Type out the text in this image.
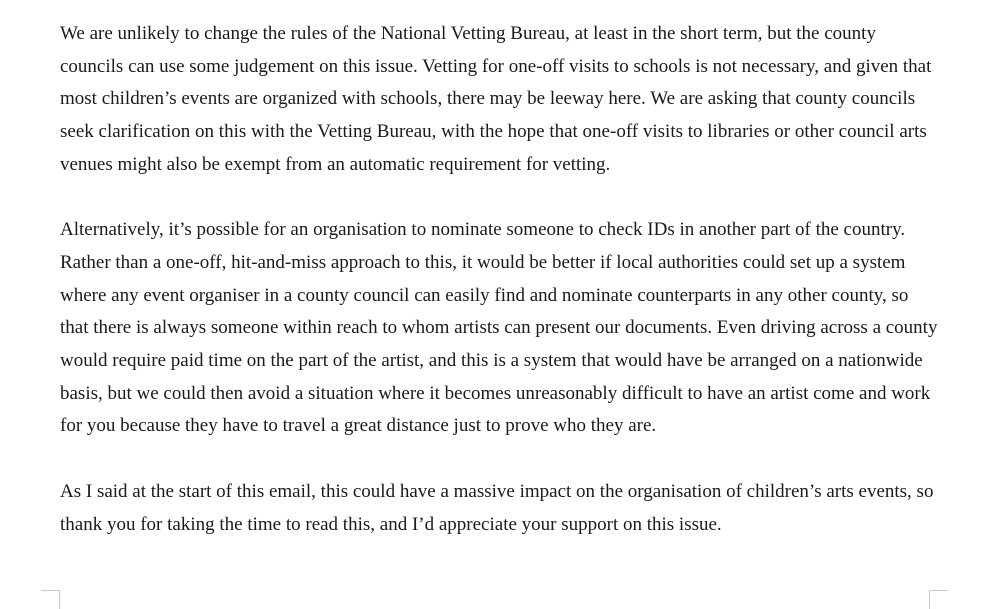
We are unlikely to change the rules of the National Vetting Bureau, at least in the short term, but the county councils can use some judgement on this issue. Vetting for one-off visits to schools is not necessary, and given that most children’s events are organized with schools, there may be leeway here. We are asking that county councils seek clarification on this with the Vetting Bureau, with the hope that one-off visits to libraries or other council arts venues might also be exempt from an automatic requirement for vetting.

Alternatively, it’s possible for an organisation to nominate someone to check IDs in another part of the country. Rather than a one-off, hit-and-miss approach to this, it would be better if local authorities could set up a system where any event organiser in a county council can easily find and nominate counterparts in any other county, so that there is always someone within reach to whom artists can present our documents. Even driving across a county would require paid time on the part of the artist, and this is a system that would have be arranged on a nationwide basis, but we could then avoid a situation where it becomes unreasonably difficult to have an artist come and work for you because they have to travel a great distance just to prove who they are.

As I said at the start of this email, this could have a massive impact on the organisation of children’s arts events, so thank you for taking the time to read this, and I’d appreciate your support on this issue.
